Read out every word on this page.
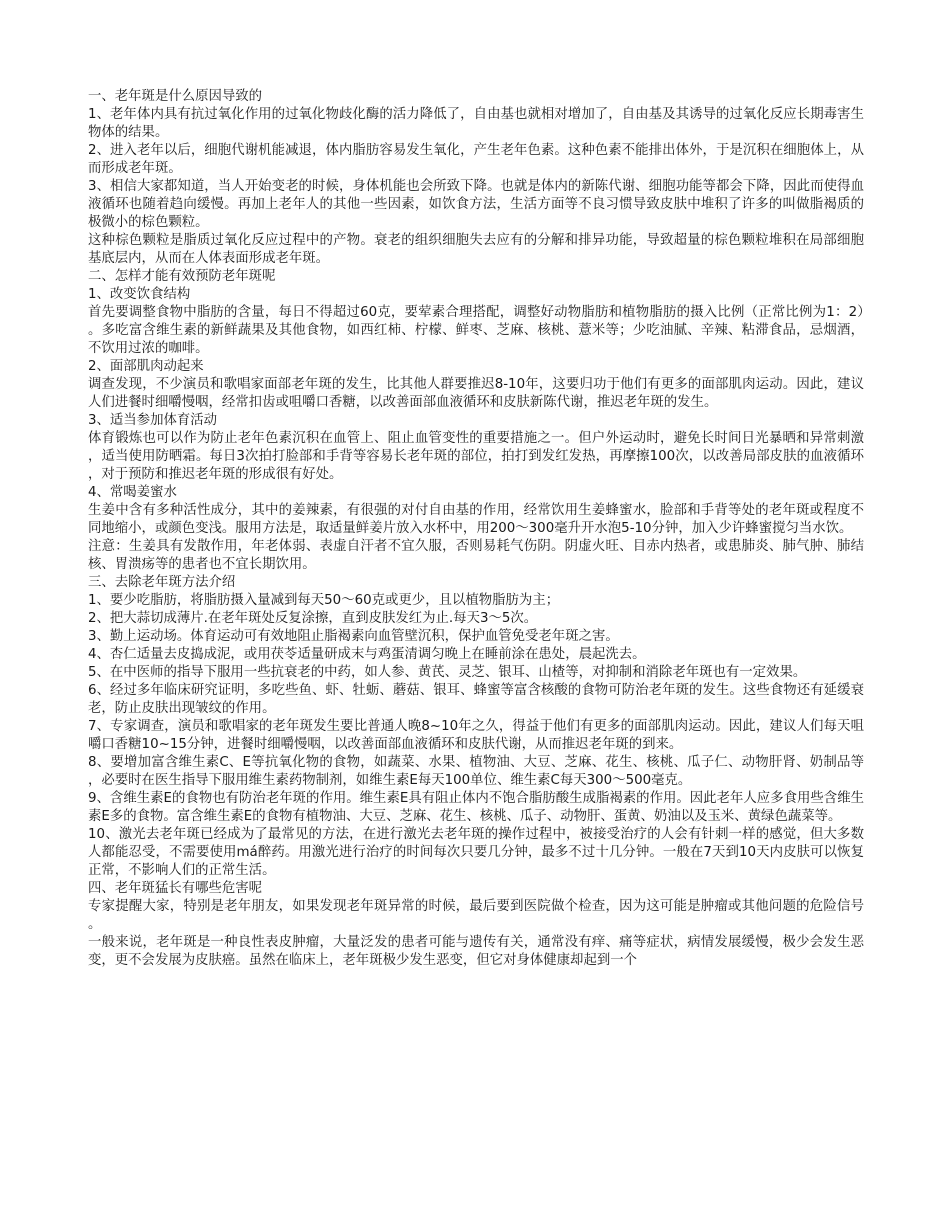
一、老年斑是什么原因导致的

1、老年体内具有抗过氧化作用的过氧化物歧化酶的活力降低了，自由基也就相对增加了，自由基及其诱导的过氧化反应长期毒害生物体的结果。

2、进入老年以后，细胞代谢机能减退，体内脂肪容易发生氧化，产生老年色素。这种色素不能排出体外，于是沉积在细胞体上，从而形成老年斑。

3、相信大家都知道，当人开始变老的时候，身体机能也会所致下降。也就是体内的新陈代谢、细胞功能等都会下降，因此而使得血液循环也随着趋向缓慢。再加上老年人的其他一些因素，如饮食方法，生活方面等不良习惯导致皮肤中堆积了许多的叫做脂褐质的极微小的棕色颗粒。

这种棕色颗粒是脂质过氧化反应过程中的产物。衰老的组织细胞失去应有的分解和排异功能，导致超量的棕色颗粒堆积在局部细胞基底层内，从而在人体表面形成老年斑。

二、怎样才能有效预防老年斑呢

1、改变饮食结构

首先要调整食物中脂肪的含量，每日不得超过60克，要荤素合理搭配，调整好动物脂肪和植物脂肪的摄入比例（正常比例为1：2）。多吃富含维生素的新鲜蔬果及其他食物，如西红柿、柠檬、鲜枣、芝麻、核桃、薏米等；少吃油腻、辛辣、粘滞食品，忌烟酒，不饮用过浓的咖啡。

2、面部肌肉动起来

调查发现，不少演员和歌唱家面部老年斑的发生，比其他人群要推迟8-10年，这要归功于他们有更多的面部肌肉运动。因此，建议人们进餐时细嚼慢咽，经常扣齿或咀嚼口香糖，以改善面部血液循环和皮肤新陈代谢，推迟老年斑的发生。

3、适当参加体育活动

体育锻炼也可以作为防止老年色素沉积在血管上、阻止血管变性的重要措施之一。但户外运动时，避免长时间日光暴晒和异常刺激，适当使用防晒霜。每日3次拍打脸部和手背等容易长老年斑的部位，拍打到发红发热，再摩擦100次，以改善局部皮肤的血液循环，对于预防和推迟老年斑的形成很有好处。

4、常喝姜蜜水

生姜中含有多种活性成分，其中的姜辣素，有很强的对付自由基的作用，经常饮用生姜蜂蜜水，脸部和手背等处的老年斑或程度不同地缩小，或颜色变浅。服用方法是，取适量鲜姜片放入水杯中，用200～300毫升开水泡5-10分钟，加入少许蜂蜜搅匀当水饮。

注意：生姜具有发散作用，年老体弱、表虚自汗者不宜久服，否则易耗气伤阴。阴虚火旺、目赤内热者，或患肺炎、肺气肿、肺结核、胃溃疡等的患者也不宜长期饮用。

三、去除老年斑方法介绍

1、要少吃脂肪，将脂肪摄入量减到每天50～60克或更少，且以植物脂肪为主；

2、把大蒜切成薄片.在老年斑处反复涂擦，直到皮肤发红为止.每天3～5次。

3、勤上运动场。体育运动可有效地阻止脂褐素向血管壁沉积，保护血管免受老年斑之害。

4、杏仁适量去皮捣成泥，或用茯苓适量研成末与鸡蛋清调匀晚上在睡前涂在患处，晨起洗去。

5、在中医师的指导下服用一些抗衰老的中药，如人参、黄芪、灵芝、银耳、山楂等，对抑制和消除老年斑也有一定效果。

6、经过多年临床研究证明，多吃些鱼、虾、牡蛎、蘑菇、银耳、蜂蜜等富含核酸的食物可防治老年斑的发生。这些食物还有延缓衰老，防止皮肤出现皱纹的作用。

7、专家调查，演员和歌唱家的老年斑发生要比普通人晚8~10年之久，得益于他们有更多的面部肌肉运动。因此，建议人们每天咀嚼口香糖10~15分钟，进餐时细嚼慢咽，以改善面部血液循环和皮肤代谢，从而推迟老年斑的到来。

8、要增加富含维生素C、E等抗氧化物的食物，如蔬菜、水果、植物油、大豆、芝麻、花生、核桃、瓜子仁、动物肝肾、奶制品等，必要时在医生指导下服用维生素药物制剂，如维生素E每天100单位、维生素C每天300～500毫克。

9、含维生素E的食物也有防治老年斑的作用。维生素E具有阻止体内不饱合脂肪酸生成脂褐素的作用。因此老年人应多食用些含维生素E多的食物。富含维生素E的食物有植物油、大豆、芝麻、花生、核桃、瓜子、动物肝、蛋黄、奶油以及玉米、黄绿色蔬菜等。

10、激光去老年斑已经成为了最常见的方法，在进行激光去老年斑的操作过程中，被接受治疗的人会有针刺一样的感觉，但大多数人都能忍受，不需要使用má醉药。用激光进行治疗的时间每次只要几分钟，最多不过十几分钟。一般在7天到10天内皮肤可以恢复正常，不影响人们的正常生活。

四、老年斑猛长有哪些危害呢

专家提醒大家，特别是老年朋友，如果发现老年斑异常的时候，最后要到医院做个检查，因为这可能是肿瘤或其他问题的危险信号。

一般来说，老年斑是一种良性表皮肿瘤，大量泛发的患者可能与遗传有关，通常没有痒、痛等症状，病情发展缓慢，极少会发生恶变，更不会发展为皮肤癌。虽然在临床上，老年斑极少发生恶变，但它对身体健康却起到一个
